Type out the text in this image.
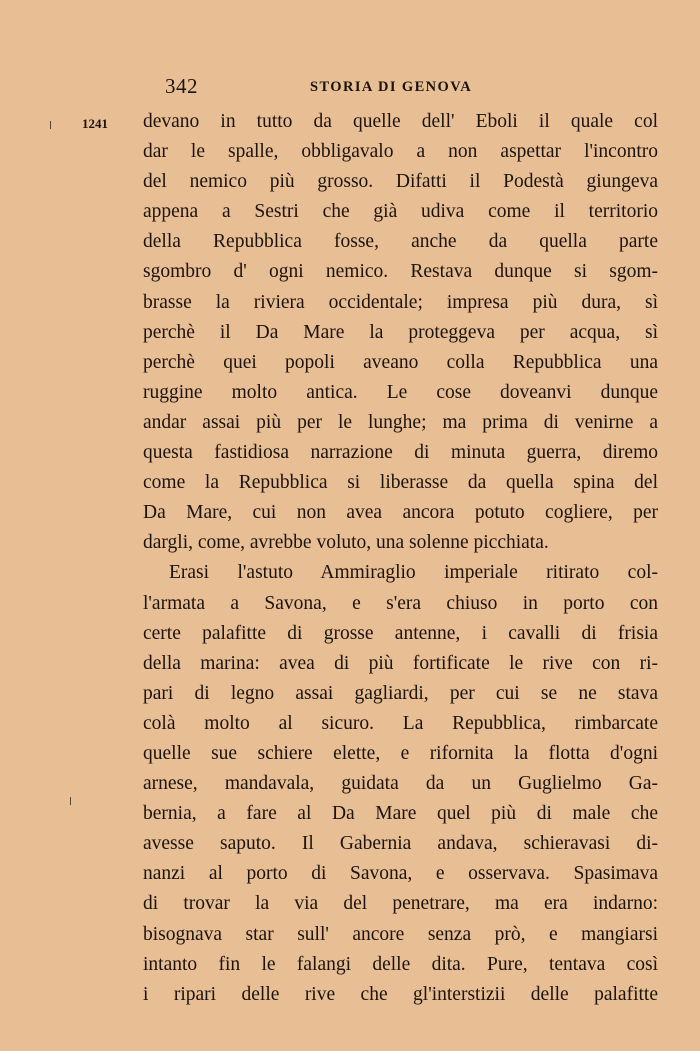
342	STORIA DI GENOVA
1241 devano in tutto da quelle dell' Eboli il quale col
dar le spalle, obbligavalo a non aspettar l'incontro
del nemico più grosso. Difatti il Podestà giungeva
appena a Sestri che già udiva come il territorio
della Repubblica fosse, anche da quella parte
sgombro d' ogni nemico. Restava dunque si sgom-
brasse la riviera occidentale; impresa più dura, sì
perchè il Da Mare la proteggeva per acqua, sì
perchè quei popoli aveano colla Repubblica una
ruggine molto antica. Le cose doveanvi dunque
andar assai più per le lunghe; ma prima di venirne a
questa fastidiosa narrazione di minuta guerra, diremo
come la Repubblica si liberasse da quella spina del
Da Mare, cui non avea ancora potuto cogliere, per
dargli, come, avrebbe voluto, una solenne picchiata.
Erasi l'astuto Ammiraglio imperiale ritirato col-
l'armata a Savona, e s'era chiuso in porto con
certe palafitte di grosse antenne, i cavalli di frisia
della marina: avea di più fortificate le rive con ri-
pari di legno assai gagliardi, per cui se ne stava
colà molto al sicuro. La Repubblica, rimbarcate
quelle sue schiere elette, e rifornita la flotta d'ogni
arnese, mandavala, guidata da un Guglielmo Ga-
bernia, a fare al Da Mare quel più di male che
avesse saputo. Il Gabernia andava, schieravasi di-
nanzi al porto di Savona, e osservava. Spasimava
di trovar la via del penetrare, ma era indarno:
bisognava star sull' ancore senza prò, e mangiarsi
intanto fin le falangi delle dita. Pure, tentava così
i ripari delle rive che gl'interstizii delle palafitte
